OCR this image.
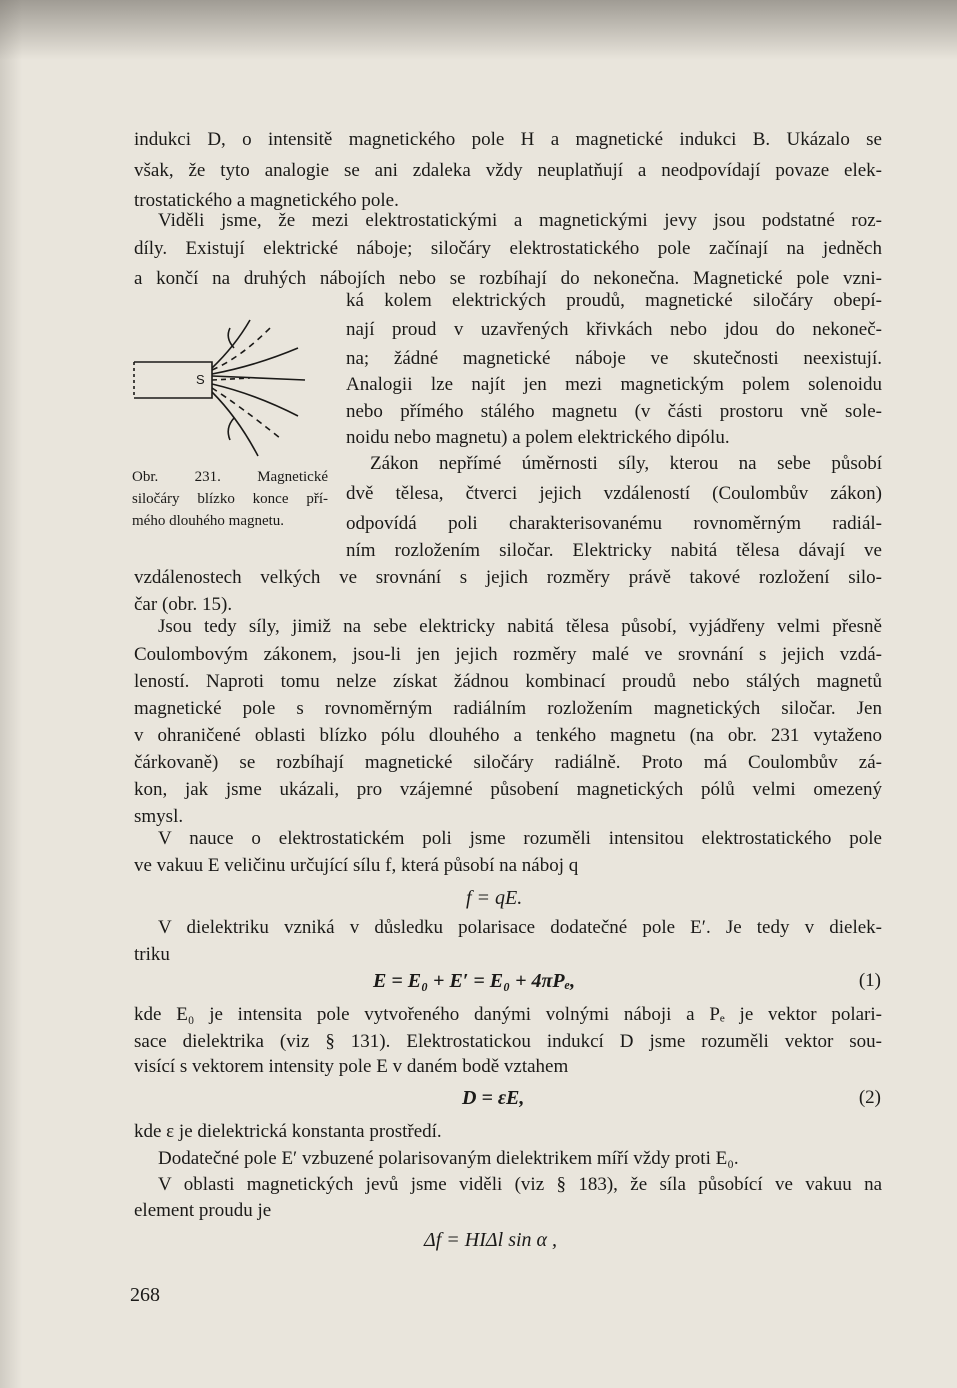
indukci D, o intensitě magnetického pole H a magnetické indukci B. Ukázalo se
však, že tyto analogie se ani zdaleka vždy neuplatňují a neodpovídají povaze elek-
trostatického a magnetického pole.
Viděli jsme, že mezi elektrostatickými a magnetickými jevy jsou podstatné roz-
díly. Existují elektrické náboje; siločáry elektrostatického pole začínají na jedněch
a končí na druhých nábojích nebo se rozbíhají do nekonečna. Magnetické pole vzni-
ká kolem elektrických proudů, magnetické siločáry obepí-
nají proud v uzavřených křivkách nebo jdou do nekoneč-
na; žádné magnetické náboje ve skutečnosti neexistují.
Analogii lze najít jen mezi magnetickým polem solenoidu
nebo přímého stálého magnetu (v části prostoru vně sole-
noidu nebo magnetu) a polem elektrického dipólu.
S
Obr. 231. Magnetické
siločáry blízko konce pří-
mého dlouhého magnetu.
Zákon nepřímé úměrnosti síly, kterou na sebe působí
dvě tělesa, čtverci jejich vzdáleností (Coulombův zákon)
odpovídá poli charakterisovanému rovnoměrným radiál-
ním rozložením siločar. Elektricky nabitá tělesa dávají ve
vzdálenostech velkých ve srovnání s jejich rozměry právě takové rozložení silo-
čar (obr. 15).
Jsou tedy síly, jimiž na sebe elektricky nabitá tělesa působí, vyjádřeny velmi přesně
Coulombovým zákonem, jsou-li jen jejich rozměry malé ve srovnání s jejich vzdá-
leností. Naproti tomu nelze získat žádnou kombinací proudů nebo stálých magnetů
magnetické pole s rovnoměrným radiálním rozložením magnetických siločar. Jen
v ohraničené oblasti blízko pólu dlouhého a tenkého magnetu (na obr. 231 vytaženo
čárkovaně) se rozbíhají magnetické siločáry radiálně. Proto má Coulombův zá-
kon, jak jsme ukázali, pro vzájemné působení magnetických pólů velmi omezený
smysl.
V nauce o elektrostatickém poli jsme rozuměli intensitou elektrostatického pole
ve vakuu E veličinu určující sílu f, která působí na náboj q
f = qE.
V dielektriku vzniká v důsledku polarisace dodatečné pole E′. Je tedy v dielek-
triku
E = E₀ + E′ = E₀ + 4πPₑ,	(1)
kde E₀ je intensita pole vytvořeného danými volnými náboji a Pₑ je vektor polari-
sace dielektrika (viz § 131). Elektrostatickou indukcí D jsme rozuměli vektor sou-
visící s vektorem intensity pole E v daném bodě vztahem
D = εE,	(2)
kde ε je dielektrická konstanta prostředí.
Dodatečné pole E′ vzbuzené polarisovaným dielektrikem míří vždy proti E₀.
V oblasti magnetických jevů jsme viděli (viz § 183), že síla působící ve vakuu na
element proudu je
Δf = HIΔl sin α ,
268
